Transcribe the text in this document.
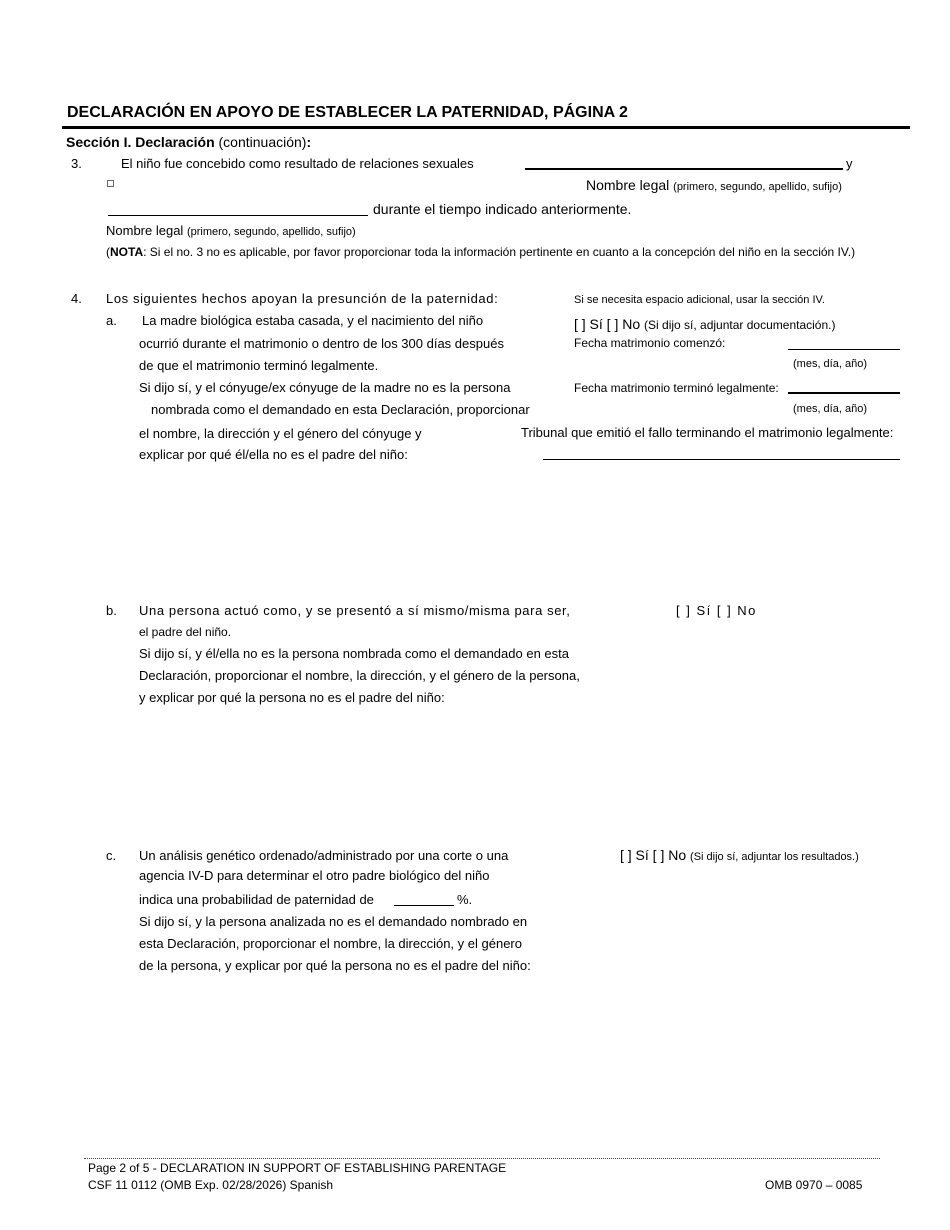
DECLARACIÓN EN APOYO DE ESTABLECER LA PATERNIDAD, PÁGINA 2
Sección I. Declaración (continuación):
3.	El niño fue concebido como resultado de relaciones sexuales	y
Nombre legal (primero, segundo, apellido, sufijo)
durante el tiempo indicado anteriormente.
Nombre legal (primero, segundo, apellido, sufijo)
(NOTA: Si el no. 3 no es aplicable, por favor proporcionar toda la información pertinente en cuanto a la concepción del niño en la sección IV.)
4. Los siguientes hechos apoyan la presunción de la paternidad:	Si se necesita espacio adicional, usar la sección IV.
a. La madre biológica estaba casada, y el nacimiento del niño
ocurrió durante el matrimonio o dentro de los 300 días después
de que el matrimonio terminó legalmente.
Si dijo sí, y el cónyuge/ex cónyuge de la madre no es la persona
nombrada como el demandado en esta Declaración, proporcionar
el nombre, la dirección y el género del cónyuge y
explicar por qué él/ella no es el padre del niño:
[ ] Sí [ ] No (Si dijo sí, adjuntar documentación.)
Fecha matrimonio comenzó:
(mes, día, año)
Fecha matrimonio terminó legalmente:
(mes, día, año)
Tribunal que emitió el fallo terminando el matrimonio legalmente:
b. Una persona actuó como, y se presentó a sí mismo/misma para ser,	[ ] Sí [ ] No
el padre del niño.
Si dijo sí, y él/ella no es la persona nombrada como el demandado en esta
Declaración, proporcionar el nombre, la dirección, y el género de la persona,
y explicar por qué la persona no es el padre del niño:
c. Un análisis genético ordenado/administrado por una corte o una	[ ] Sí [ ] No (Si dijo sí, adjuntar los resultados.)
agencia IV-D para determinar el otro padre biológico del niño
indica una probabilidad de paternidad de	%.
Si dijo sí, y la persona analizada no es el demandado nombrado en
esta Declaración, proporcionar el nombre, la dirección, y el género
de la persona, y explicar por qué la persona no es el padre del niño:
Page 2 of 5 - DECLARATION IN SUPPORT OF ESTABLISHING PARENTAGE
CSF 11 0112 (OMB Exp. 02/28/2026) Spanish	OMB 0970 – 0085
